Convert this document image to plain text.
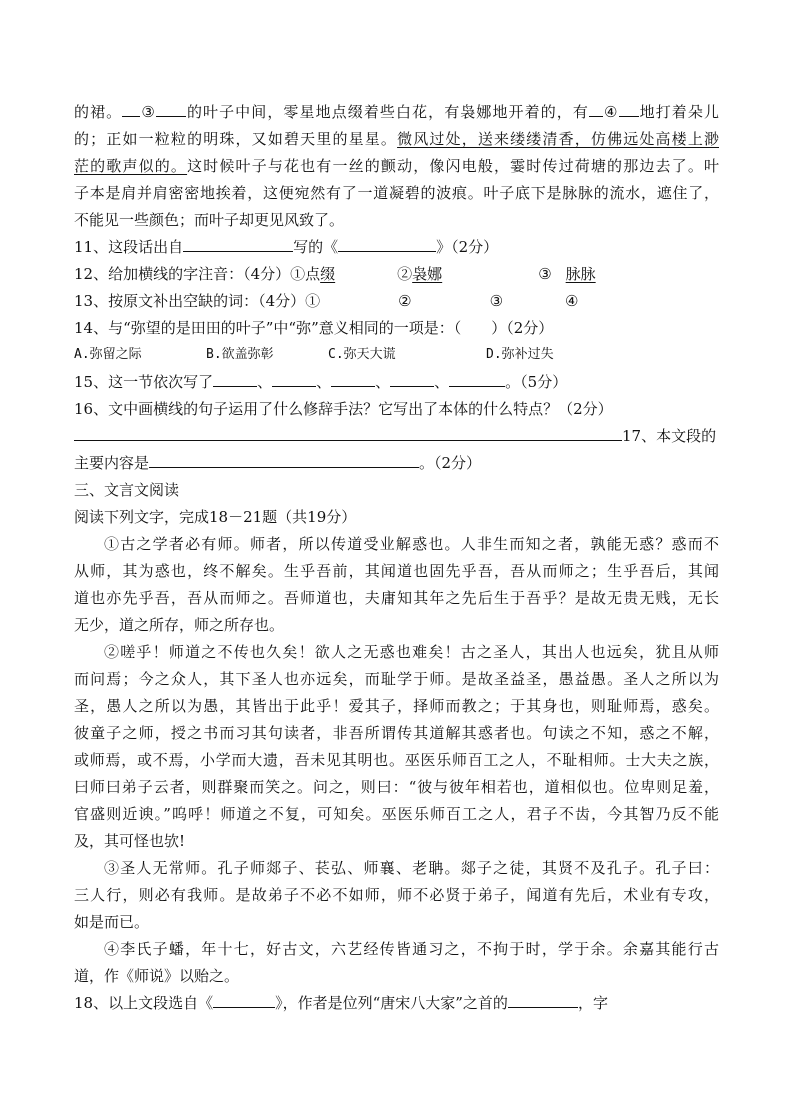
的裙。 ③ 的叶子中间，零星地点缀着些白花，有袅娜地开着的，有 ④ 地打着朵儿
的；正如一粒粒的明珠，又如碧天里的星星。微风过处，送来缕缕清香，仿佛远处高楼上渺
茫的歌声似的。这时候叶子与花也有一丝的颤动，像闪电般，霎时传过荷塘的那边去了。叶
子本是肩并肩密密地挨着，这便宛然有了一道凝碧的波痕。叶子底下是脉脉的流水，遮住了，
不能见一些颜色；而叶子却更见风致了。
11、这段话出自	写的《	》（2分）
12、给加横线的字注音：（4分）①点缀	②袅娜	③ 脉脉
13、按原文补出空缺的词：（4分）①	②	③	④
14、与“弥望的是田田的叶子”中“弥”意义相同的一项是：（　　）（2分）
A.弥留之际	B.欲盖弥彰	C.弥天大谎	D.弥补过失
15、这一节依次写了	、	、	、	、	。（5分）
16、文中画横线的句子运用了什么修辞手法？它写出了本体的什么特点？（2分）
17、本文段的
主要内容是	。（2分）
三、文言文阅读
阅读下列文字，完成18－21题（共19分）
①古之学者必有师。师者，所以传道受业解惑也。人非生而知之者，孰能无惑？惑而不
从师，其为惑也，终不解矣。生乎吾前，其闻道也固先乎吾，吾从而师之；生乎吾后，其闻
道也亦先乎吾，吾从而师之。吾师道也，夫庸知其年之先后生于吾乎？是故无贵无贱，无长
无少，道之所存，师之所存也。
②嗟乎！师道之不传也久矣！欲人之无惑也难矣！古之圣人，其出人也远矣，犹且从师
而问焉；今之众人，其下圣人也亦远矣，而耻学于师。是故圣益圣，愚益愚。圣人之所以为
圣，愚人之所以为愚，其皆出于此乎！爱其子，择师而教之；于其身也，则耻师焉，惑矣。
彼童子之师，授之书而习其句读者，非吾所谓传其道解其惑者也。句读之不知，惑之不解，
或师焉，或不焉，小学而大遗，吾未见其明也。巫医乐师百工之人，不耻相师。士大夫之族，
曰师曰弟子云者，则群聚而笑之。问之，则曰：“彼与彼年相若也，道相似也。位卑则足羞，
官盛则近谀。”呜呼！师道之不复，可知矣。巫医乐师百工之人，君子不齿，今其智乃反不能
及，其可怪也欤!
③圣人无常师。孔子师郯子、苌弘、师襄、老聃。郯子之徒，其贤不及孔子。孔子曰：
三人行，则必有我师。是故弟子不必不如师，师不必贤于弟子，闻道有先后，术业有专攻，
如是而已。
④李氏子蟠，年十七，好古文，六艺经传皆通习之，不拘于时，学于余。余嘉其能行古
道，作《师说》以贻之。
18、以上文段选自《	》，作者是位列“唐宋八大家”之首的	，字
